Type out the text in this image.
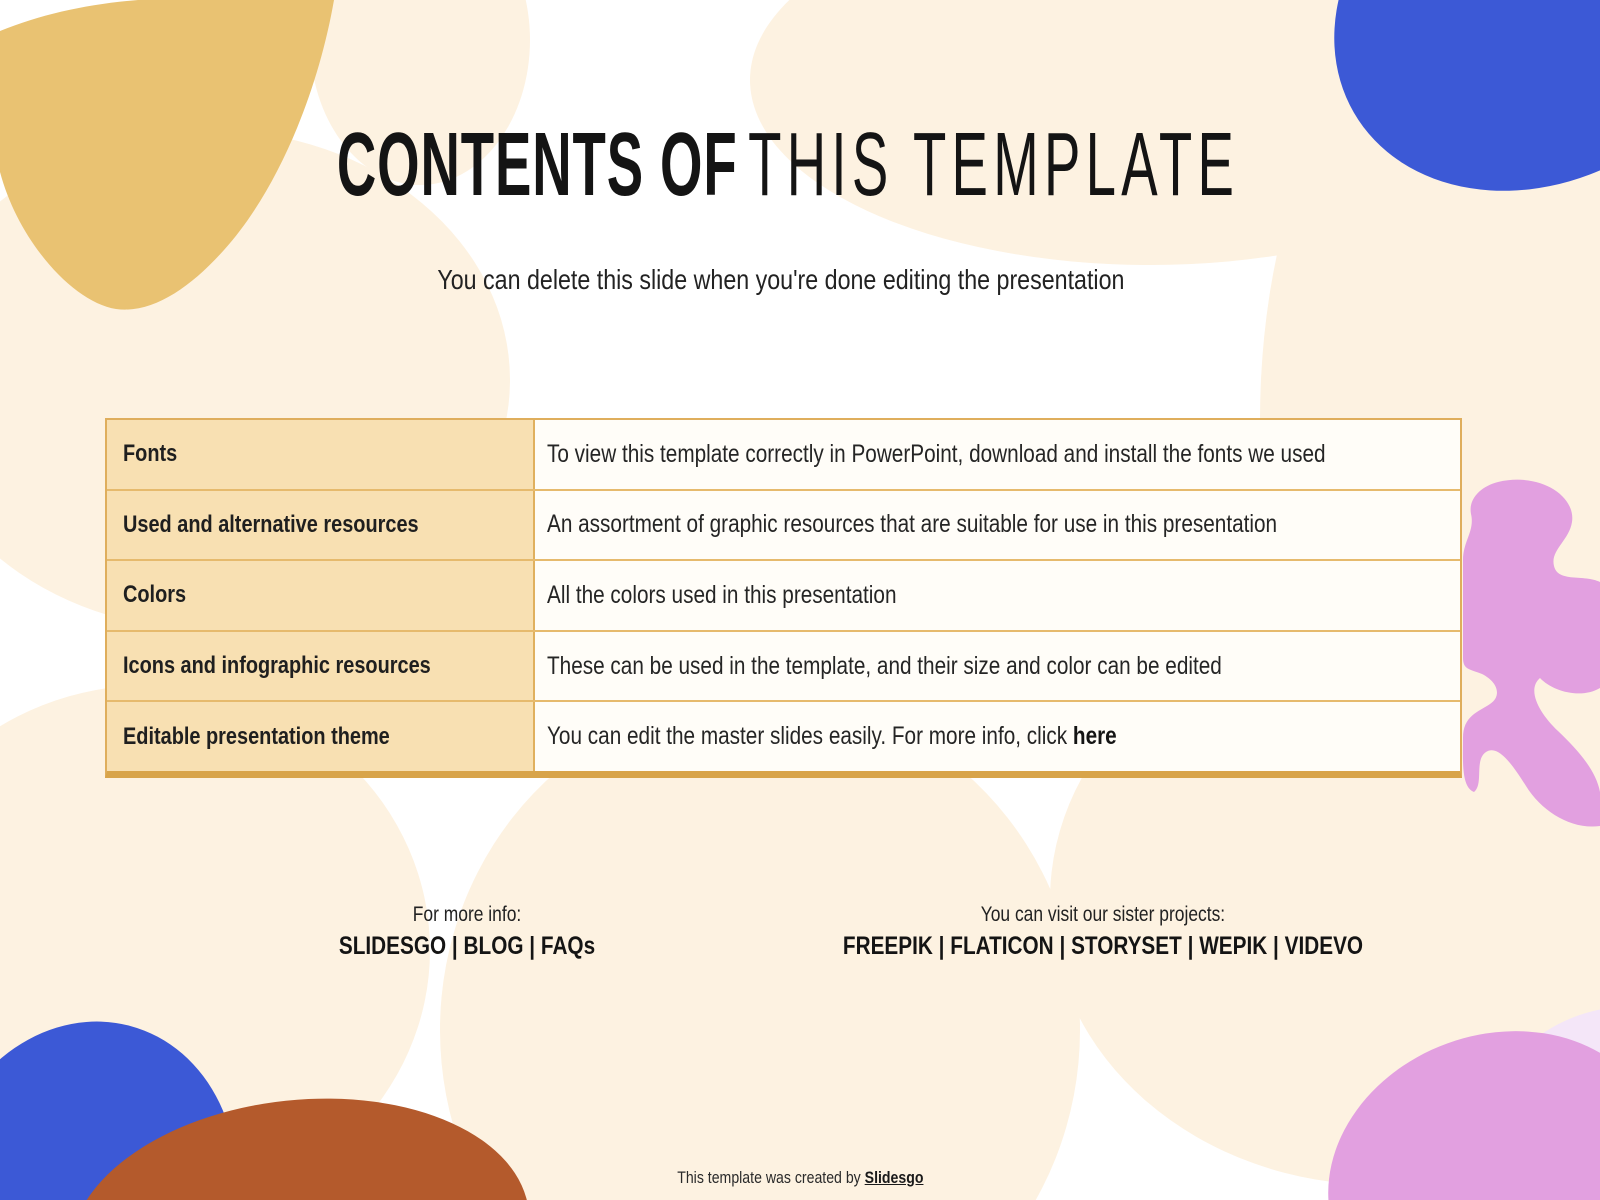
CONTENTS OF THIS TEMPLATE
You can delete this slide when you're done editing the presentation
Fonts	To view this template correctly in PowerPoint, download and install the fonts we used
Used and alternative resources	An assortment of graphic resources that are suitable for use in this presentation
Colors	All the colors used in this presentation
Icons and infographic resources	These can be used in the template, and their size and color can be edited
Editable presentation theme	You can edit the master slides easily. For more info, click here
For more info:
SLIDESGO | BLOG | FAQs
You can visit our sister projects:
FREEPIK | FLATICON | STORYSET | WEPIK | VIDEVO
This template was created by Slidesgo
